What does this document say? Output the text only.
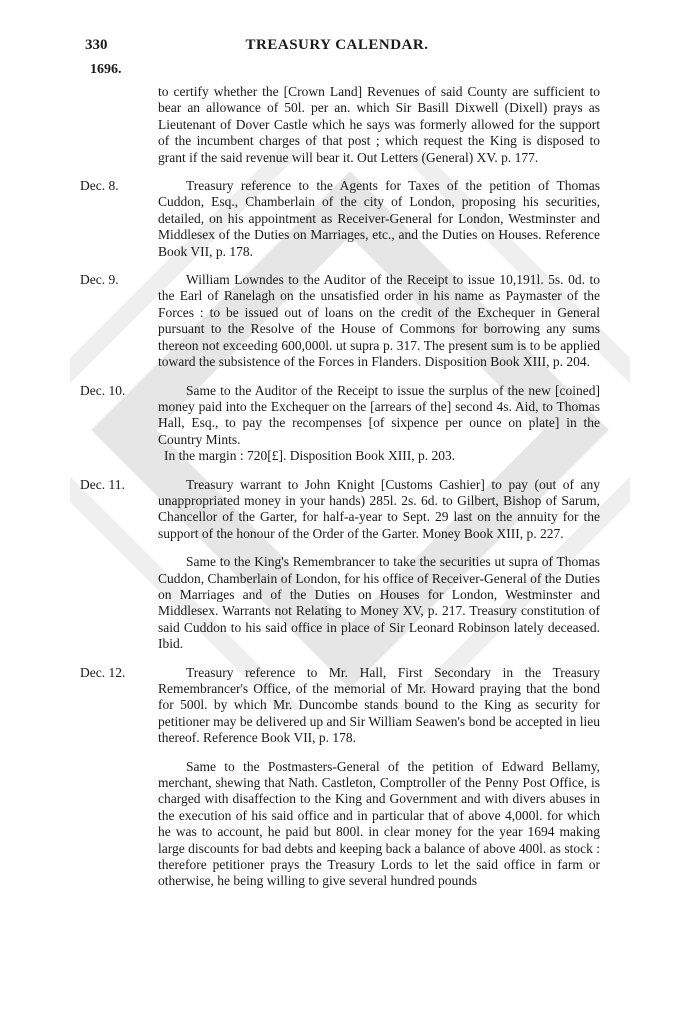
330	TREASURY CALENDAR.
1696.

to certify whether the [Crown Land] Revenues of said County are sufficient to bear an allowance of 50l. per an. which Sir Basill Dixwell (Dixell) prays as Lieutenant of Dover Castle which he says was formerly allowed for the support of the incumbent charges of that post ; which request the King is disposed to grant if the said revenue will bear it. Out Letters (General) XV. p. 177.

Dec. 8.	Treasury reference to the Agents for Taxes of the petition of Thomas Cuddon, Esq., Chamberlain of the city of London, proposing his securities, detailed, on his appointment as Receiver-General for London, Westminster and Middlesex of the Duties on Marriages, etc., and the Duties on Houses. Reference Book VII, p. 178.

Dec. 9.	William Lowndes to the Auditor of the Receipt to issue 10,191l. 5s. 0d. to the Earl of Ranelagh on the unsatisfied order in his name as Paymaster of the Forces : to be issued out of loans on the credit of the Exchequer in General pursuant to the Resolve of the House of Commons for borrowing any sums thereon not exceeding 600,000l. ut supra p. 317. The present sum is to be applied toward the subsistence of the Forces in Flanders. Disposition Book XIII, p. 204.

Dec. 10.	Same to the Auditor of the Receipt to issue the surplus of the new [coined] money paid into the Exchequer on the [arrears of the] second 4s. Aid, to Thomas Hall, Esq., to pay the recompenses [of sixpence per ounce on plate] in the Country Mints.

In the margin : 720[£]. Disposition Book XIII, p. 203.

Dec. 11.	Treasury warrant to John Knight [Customs Cashier] to pay (out of any unappropriated money in your hands) 285l. 2s. 6d. to Gilbert, Bishop of Sarum, Chancellor of the Garter, for half-a-year to Sept. 29 last on the annuity for the support of the honour of the Order of the Garter. Money Book XIII, p. 227.

Same to the King's Remembrancer to take the securities ut supra of Thomas Cuddon, Chamberlain of London, for his office of Receiver-General of the Duties on Marriages and of the Duties on Houses for London, Westminster and Middlesex. Warrants not Relating to Money XV, p. 217. Treasury constitution of said Cuddon to his said office in place of Sir Leonard Robinson lately deceased. Ibid.

Dec. 12.	Treasury reference to Mr. Hall, First Secondary in the Treasury Remembrancer's Office, of the memorial of Mr. Howard praying that the bond for 500l. by which Mr. Duncombe stands bound to the King as security for petitioner may be delivered up and Sir William Seawen's bond be accepted in lieu thereof. Reference Book VII, p. 178.

Same to the Postmasters-General of the petition of Edward Bellamy, merchant, shewing that Nath. Castleton, Comptroller of the Penny Post Office, is charged with disaffection to the King and Government and with divers abuses in the execution of his said office and in particular that of above 4,000l. for which he was to account, he paid but 800l. in clear money for the year 1694 making large discounts for bad debts and keeping back a balance of above 400l. as stock : therefore petitioner prays the Treasury Lords to let the said office in farm or otherwise, he being willing to give several hundred pounds
